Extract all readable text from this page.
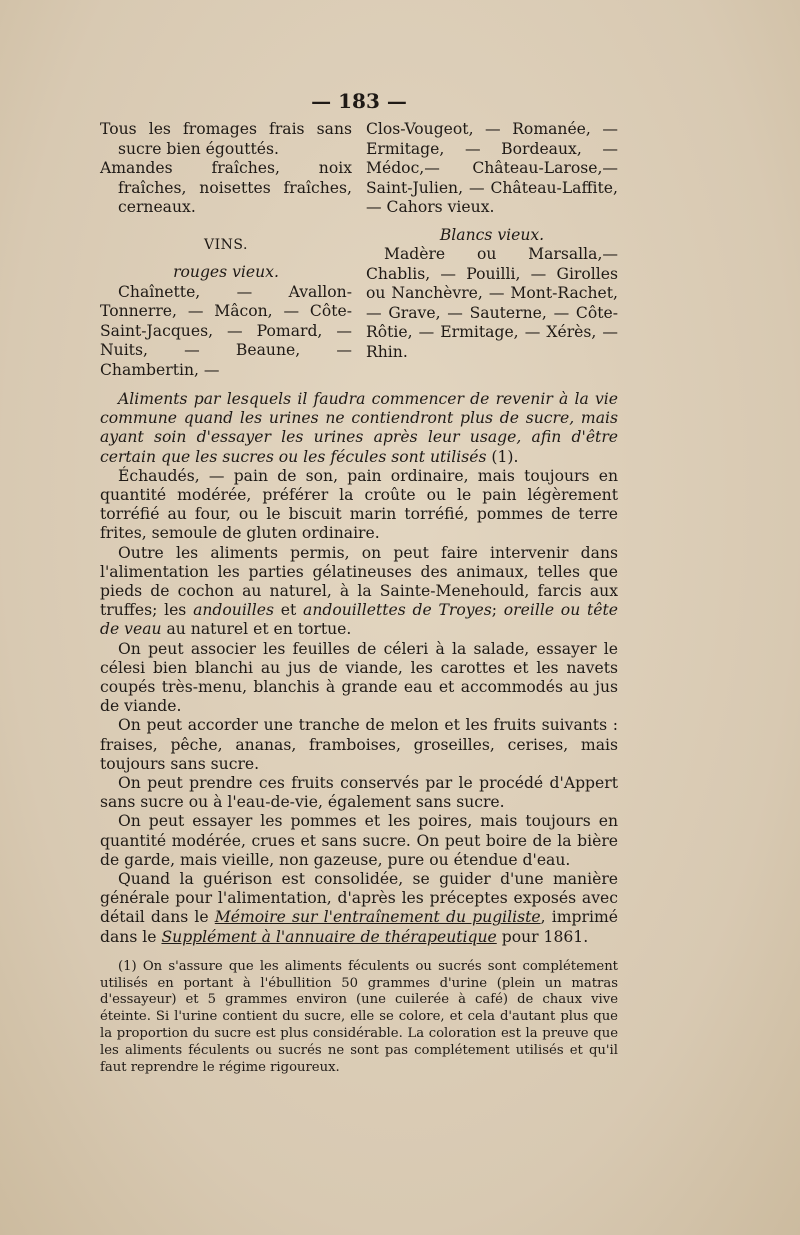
— 183 —

Tous les fromages frais sans sucre bien égouttés.

Amandes fraîches, noix fraîches, noisettes fraîches, cerneaux.

VINS.

rouges vieux.

Chaînette, — Avallon-Tonnerre, — Mâcon, — Côte-Saint-Jacques, — Pomard, — Nuits, — Beaune, — Chambertin, —

Clos-Vougeot, — Romanée, — Ermitage, — Bordeaux, — Médoc,— Château-Larose,—Saint-Julien, — Château-Laffite, — Cahors vieux.

Blancs vieux.

Madère ou Marsalla,— Chablis, — Pouilli, — Girolles ou Nanchèvre, — Mont-Rachet, — Grave, — Sauterne, — Côte-Rôtie, — Ermitage, — Xérès, — Rhin.

Aliments par lesquels il faudra commencer de revenir à la vie commune quand les urines ne contiendront plus de sucre, mais ayant soin d'essayer les urines après leur usage, afin d'être certain que les sucres ou les fécules sont utilisés (1).

Échaudés, — pain de son, pain ordinaire, mais toujours en quantité modérée, préférer la croûte ou le pain légèrement torréfié au four, ou le biscuit marin torréfié, pommes de terre frites, semoule de gluten ordinaire.

Outre les aliments permis, on peut faire intervenir dans l'alimentation les parties gélatineuses des animaux, telles que pieds de cochon au naturel, à la Sainte-Menehould, farcis aux truffes; les andouilles et andouillettes de Troyes; oreille ou tête de veau au naturel et en tortue.

On peut associer les feuilles de céleri à la salade, essayer le célesi bien blanchi au jus de viande, les carottes et les navets coupés très-menu, blanchis à grande eau et accommodés au jus de viande.

On peut accorder une tranche de melon et les fruits suivants : fraises, pêche, ananas, framboises, groseilles, cerises, mais toujours sans sucre.

On peut prendre ces fruits conservés par le procédé d'Appert sans sucre ou à l'eau-de-vie, également sans sucre.

On peut essayer les pommes et les poires, mais toujours en quantité modérée, crues et sans sucre. On peut boire de la bière de garde, mais vieille, non gazeuse, pure ou étendue d'eau.

Quand la guérison est consolidée, se guider d'une manière générale pour l'alimentation, d'après les préceptes exposés avec détail dans le Mémoire sur l'entraînement du pugiliste, imprimé dans le Supplément à l'annuaire de thérapeutique pour 1861.

(1) On s'assure que les aliments féculents ou sucrés sont complétement utilisés en portant à l'ébullition 50 grammes d'urine (plein un matras d'essayeur) et 5 grammes environ (une cuilerée à café) de chaux vive éteinte. Si l'urine contient du sucre, elle se colore, et cela d'autant plus que la proportion du sucre est plus considérable. La coloration est la preuve que les aliments féculents ou sucrés ne sont pas complétement utilisés et qu'il faut reprendre le régime rigoureux.
